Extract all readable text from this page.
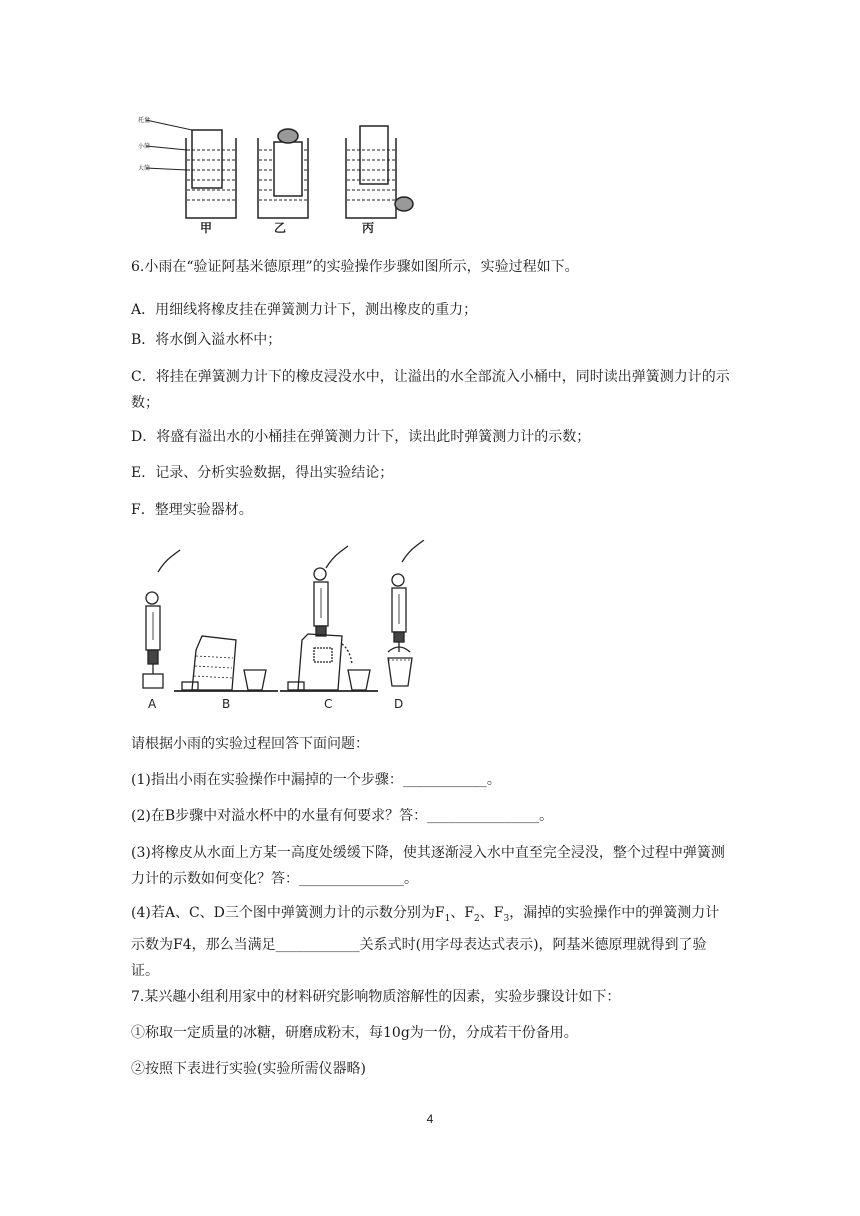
托盘
小筒
大筒
甲	乙	丙

6.小雨在“验证阿基米德原理”的实验操作步骤如图所示，实验过程如下。

A．用细线将橡皮挂在弹簧测力计下，测出橡皮的重力；

B．将水倒入溢水杯中；

C．将挂在弹簧测力计下的橡皮浸没水中，让溢出的水全部流入小桶中，同时读出弹簧测力计的示数；

D．将盛有溢出水的小桶挂在弹簧测力计下，读出此时弹簧测力计的示数；

E．记录、分析实验数据，得出实验结论；

F．整理实验器材。

A	B	C	D

请根据小雨的实验过程回答下面问题：

(1)指出小雨在实验操作中漏掉的一个步骤：____________。

(2)在B步骤中对溢水杯中的水量有何要求？答：________________。

(3)将橡皮从水面上方某一高度处缓缓下降，使其逐渐浸入水中直至完全浸没，整个过程中弹簧测力计的示数如何变化？答：_______________。

(4)若A、C、D三个图中弹簧测力计的示数分别为$F_1$、$F_2$、$F_3$，漏掉的实验操作中的弹簧测力计示数为F4，那么当满足____________关系式时(用字母表达式表示)，阿基米德原理就得到了验证。

7.某兴趣小组利用家中的材料研究影响物质溶解性的因素，实验步骤设计如下：

①称取一定质量的冰糖，研磨成粉末，每10g为一份，分成若干份备用。

②按照下表进行实验(实验所需仪器略)

4
